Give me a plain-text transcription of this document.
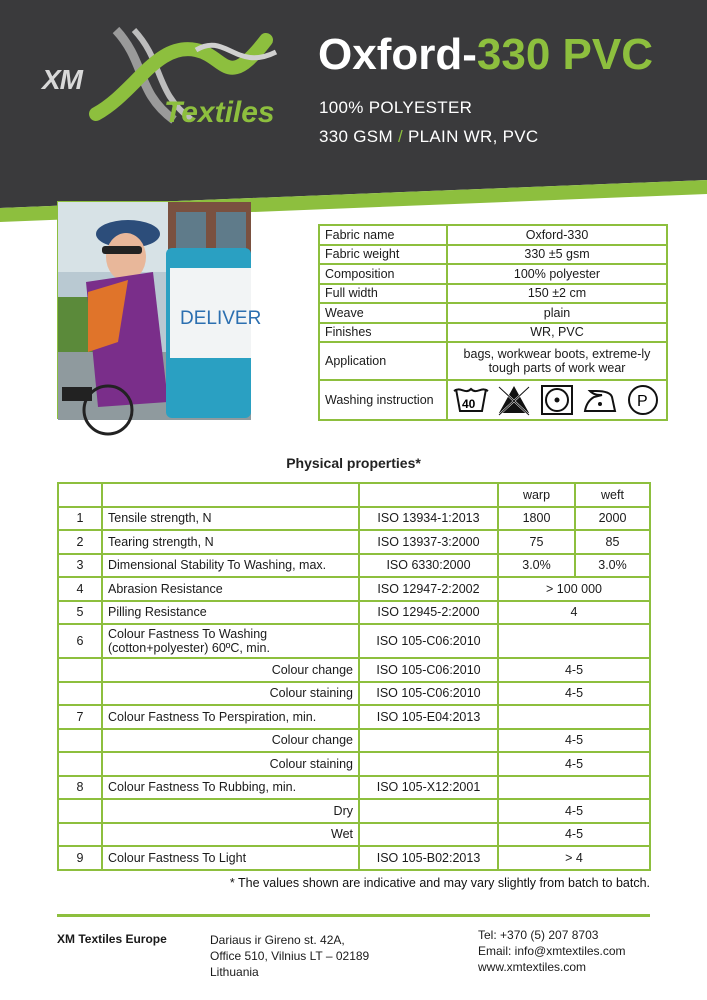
XM
Textiles
Oxford-330 PVC
100% POLYESTER
330 GSM / PLAIN WR, PVC
DELIVER
Fabric name	Oxford-330
Fabric weight	330 ±5 gsm
Composition	100% polyester
Full width	150 ±2 cm
Weave	plain
Finishes	WR, PVC
Application	bags, workwear boots, extreme-ly tough parts of work wear
Washing instruction	40 P
Physical properties*
			warp	weft
1	Tensile strength, N	ISO 13934-1:2013	1800	2000
2	Tearing strength, N	ISO 13937-3:2000	75	85
3	Dimensional Stability To Washing, max.	ISO 6330:2000	3.0%	3.0%
4	Abrasion Resistance	ISO 12947-2:2002	> 100 000	
5	Pilling Resistance	ISO 12945-2:2000	4	
6	Colour Fastness To Washing (cotton+polyester) 60ºC, min.	ISO 105-C06:2010		
	Colour change	ISO 105-C06:2010	4-5	
	Colour staining	ISO 105-C06:2010	4-5	
7	Colour Fastness To Perspiration, min.	ISO 105-E04:2013		
	Colour change		4-5	
	Colour staining		4-5	
8	Colour Fastness To Rubbing, min.	ISO 105-X12:2001		
	Dry		4-5	
	Wet		4-5	
9	Colour Fastness To Light	ISO 105-B02:2013	> 4	
* The values shown are indicative and may vary slightly from batch to batch.
XM Textiles Europe	Dariaus ir Gireno st. 42A,
Office 510, Vilnius LT – 02189
Lithuania
Tel: +370 (5) 207 8703
Email: info@xmtextiles.com
www.xmtextiles.com
